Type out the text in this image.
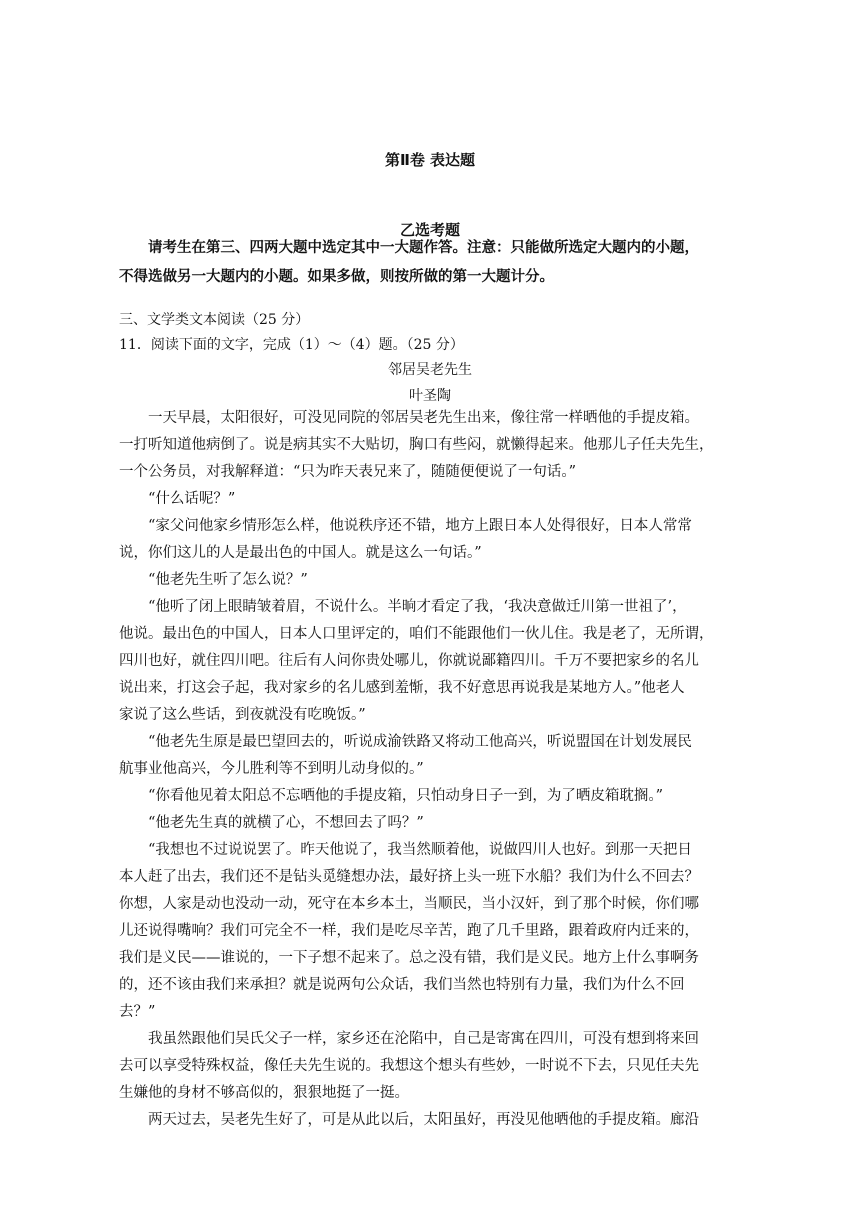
第Ⅱ卷 表达题
乙选考题

请考生在第三、四两大题中选定其中一大题作答。注意：只能做所选定大题内的小题，

不得选做另一大题内的小题。如果多做，则按所做的第一大题计分。

三、文学类文本阅读（25 分）
11．阅读下面的文字，完成（1）～（4）题。（25 分）
邻居吴老先生
叶圣陶
一天早晨，太阳很好，可没见同院的邻居吴老先生出来，像往常一样晒他的手提皮箱。
一打听知道他病倒了。说是病其实不大贴切，胸口有些闷，就懒得起来。他那儿子任夫先生，
一个公务员，对我解释道：“只为昨天表兄来了，随随便便说了一句话。”
“什么话呢？”
“家父问他家乡情形怎么样，他说秩序还不错，地方上跟日本人处得很好，日本人常常
说，你们这儿的人是最出色的中国人。就是这么一句话。”
“他老先生听了怎么说？”
“他听了闭上眼睛皱着眉，不说什么。半晌才看定了我，‘我决意做迁川第一世祖了’，
他说。最出色的中国人，日本人口里评定的，咱们不能跟他们一伙儿住。我是老了，无所谓，
四川也好，就住四川吧。往后有人问你贵处哪儿，你就说鄙籍四川。千万不要把家乡的名儿
说出来，打这会子起，我对家乡的名儿感到羞惭，我不好意思再说我是某地方人。”他老人
家说了这么些话，到夜就没有吃晚饭。”
“他老先生原是最巴望回去的，听说成渝铁路又将动工他高兴，听说盟国在计划发展民
航事业他高兴，今儿胜利等不到明儿动身似的。”
“你看他见着太阳总不忘晒他的手提皮箱，只怕动身日子一到，为了晒皮箱耽搁。”
“他老先生真的就横了心，不想回去了吗？”
“我想也不过说说罢了。昨天他说了，我当然顺着他，说做四川人也好。到那一天把日
本人赶了出去，我们还不是钻头觅缝想办法，最好挤上头一班下水船？我们为什么不回去？
你想，人家是动也没动一动，死守在本乡本土，当顺民，当小汉奸，到了那个时候，你们哪
儿还说得嘴响？我们可完全不一样，我们是吃尽辛苦，跑了几千里路，跟着政府内迁来的，
我们是义民——谁说的，一下子想不起来了。总之没有错，我们是义民。地方上什么事啊务
的，还不该由我们来承担？就是说两句公众话，我们当然也特别有力量，我们为什么不回
去？”
我虽然跟他们吴氏父子一样，家乡还在沦陷中，自己是寄寓在四川，可没有想到将来回
去可以享受特殊权益，像任夫先生说的。我想这个想头有些妙，一时说不下去，只见任夫先
生嫌他的身材不够高似的，狠狠地挺了一挺。
两天过去，吴老先生好了，可是从此以后，太阳虽好，再没见他晒他的手提皮箱。廊沿
